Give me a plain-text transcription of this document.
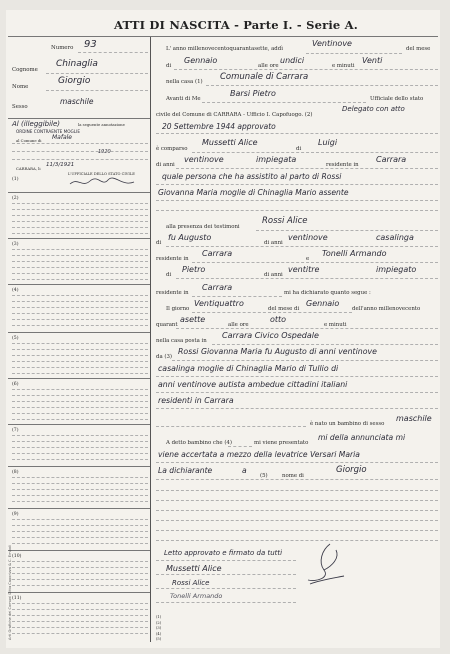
ATTI DI NASCITA - Parte I. - Serie A.
Numero 93
Cognome
Chinaglia
Nome
Giorgio
Sesso
maschile
Al (illeggibile)	la seguente annotazione
ORDINE CONTRAENTE MOGLIE
al Comune di Mafale
1920
CARRARA, li
11/3/1921
L'UFFICIALE DELLO STATO CIVILE
(2)
(3)
(4)
(5)
(6)
(7)
(8)
(9)
(10)
(11)
(1)
L' anno millenovecentoquarantasette, addì
Ventinove
del mese
di
Gennaio
alle ore
undici
e minuti
Venti
nella casa (1) Comunale di Carrara
Avanti di Me
Barsi Pietro
Ufficiale dello stato
civile del Comune di CARRARA - Ufficio I. Capofuogo. (2)
Delegato con atto
20 Settembre 1944 approvato
è comparso
Mussetti Alice
di
Luigi
di anni
ventinove	impiegata
residente in
Carrara
quale persona che ha assistito al parto di Rossi
Giovanna Maria moglie di Chinaglia Mario assente
alla presenza dei testimoni
Rossi Alice
di
fu Augusto
di anni
ventinove	casalinga
residente in
Carrara
e
Tonelli Armando
di
Pietro
di anni
ventitre	impiegato
residente in
Carrara
mi ha dichiarato quanto segue :
Il giorno
Ventiquattro
del mese di
Gennaio
dell'anno millenovecento
quarant
asette
alle ore
otto
e minuti
nella casa posta in
Carrara Civico Ospedale
da (3)
Rossi Giovanna Maria fu Augusto di anni ventinove
casalinga moglie di Chinaglia Mario di Tullio di
anni ventinove autista ambedue cittadini italiani
residenti in Carrara
è nato un bambino di sesso
maschile
A detto bambino che (4)	mi viene presentato
mi della annunciata mi
viene accertata a mezzo della levatrice Versari Maria
La dichiarante	a
(5)	nome di
Giorgio
Letto approvato e firmato da tutti
Mussetti Alice
Rossi Alice
Tonelli Armando
(1)
(2)
(3)
(4)
(5)
Arti Grafiche dei Comuni Ditta Caporizza & C. Empoli
